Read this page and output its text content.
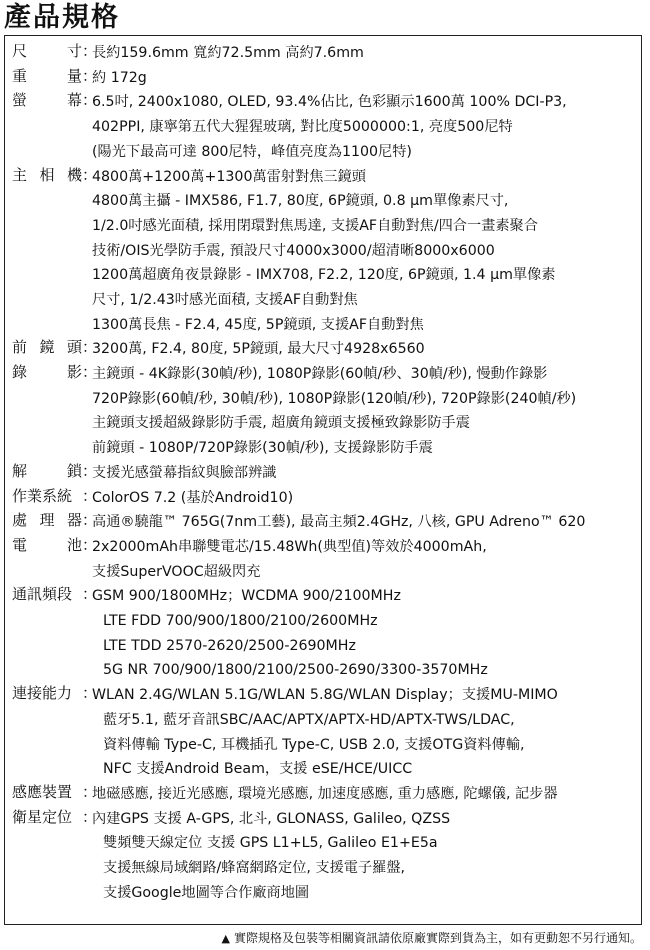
產品規格
尺	寸 ：
長約159.6mm 寬約72.5mm 高約7.6mm
重	量 ：
約 172g
螢	幕 ：
6.5吋, 2400x1080, OLED, 93.4%佔比, 色彩顯示1600萬 100% DCI-P3,
402PPI, 康寧第五代大猩猩玻璃, 對比度5000000:1, 亮度500尼特
(陽光下最高可達 800尼特，峰值亮度為1100尼特)
主 相 機 ：
4800萬+1200萬+1300萬雷射對焦三鏡頭
4800萬主攝 - IMX586, F1.7, 80度, 6P鏡頭, 0.8 μm單像素尺寸,
1/2.0吋感光面積, 採用閉環對焦馬達, 支援AF自動對焦/四合一畫素聚合
技術/OIS光學防手震, 預設尺寸4000x3000/超清晰8000x6000
1200萬超廣角夜景錄影 - IMX708, F2.2, 120度, 6P鏡頭, 1.4 μm單像素
尺寸, 1/2.43吋感光面積, 支援AF自動對焦
1300萬長焦 - F2.4, 45度, 5P鏡頭, 支援AF自動對焦
前 鏡 頭 ：
3200萬, F2.4, 80度, 5P鏡頭, 最大尺寸4928x6560
錄	影 ：
主鏡頭 - 4K錄影(30幀/秒), 1080P錄影(60幀/秒、30幀/秒), 慢動作錄影
720P錄影(60幀/秒, 30幀/秒), 1080P錄影(120幀/秒), 720P錄影(240幀/秒)
主鏡頭支援超級錄影防手震, 超廣角鏡頭支援極致錄影防手震
前鏡頭 - 1080P/720P錄影(30幀/秒), 支援錄影防手震
解	鎖 ：
支援光感螢幕指紋與臉部辨識
作 業 系 統 ：
ColorOS 7.2 (基於Android10)
處 理 器 ：
高通®驍龍™ 765G(7nm工藝), 最高主頻2.4GHz, 八核, GPU Adreno™ 620
電	池 ：
2x2000mAh串聯雙電芯/15.48Wh(典型值)等效於4000mAh,
支援SuperVOOC超級閃充
通 訊 頻 段 ：
GSM 900/1800MHz；WCDMA 900/2100MHz
LTE FDD 700/900/1800/2100/2600MHz
LTE TDD 2570-2620/2500-2690MHz
5G NR 700/900/1800/2100/2500-2690/3300-3570MHz
連 接 能 力 ：
WLAN 2.4G/WLAN 5.1G/WLAN 5.8G/WLAN Display；支援MU-MIMO
藍牙5.1, 藍牙音訊SBC/AAC/APTX/APTX-HD/APTX-TWS/LDAC,
資料傳輸 Type-C, 耳機插孔 Type-C, USB 2.0, 支援OTG資料傳輸,
NFC 支援Android Beam，支援 eSE/HCE/UICC
感 應 裝 置 ：
地磁感應, 接近光感應, 環境光感應, 加速度感應, 重力感應, 陀螺儀, 記步器
衛 星 定 位 ：
內建GPS 支援 A-GPS, 北斗, GLONASS, Galileo, QZSS
雙頻雙天線定位 支援 GPS L1+L5, Galileo E1+E5a
支援無線局域網路/蜂窩網路定位, 支援電子羅盤,
支援Google地圖等合作廠商地圖
▲ 實際規格及包裝等相關資訊請依原廠實際到貨為主，如有更動恕不另行通知。
